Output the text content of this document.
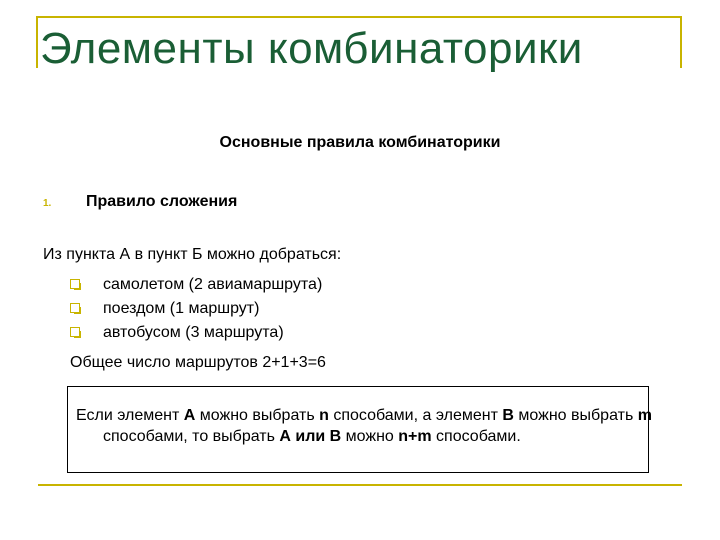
Элементы комбинаторики
Основные правила комбинаторики
1. Правило сложения
Из пункта А в пункт Б можно добраться:
самолетом (2 авиамаршрута)
поездом (1 маршрут)
автобусом (3 маршрута)
Общее число маршрутов 2+1+3=6
Если элемент А можно выбрать n способами, а элемент В можно выбрать m способами, то выбрать А или В можно n+m способами.
